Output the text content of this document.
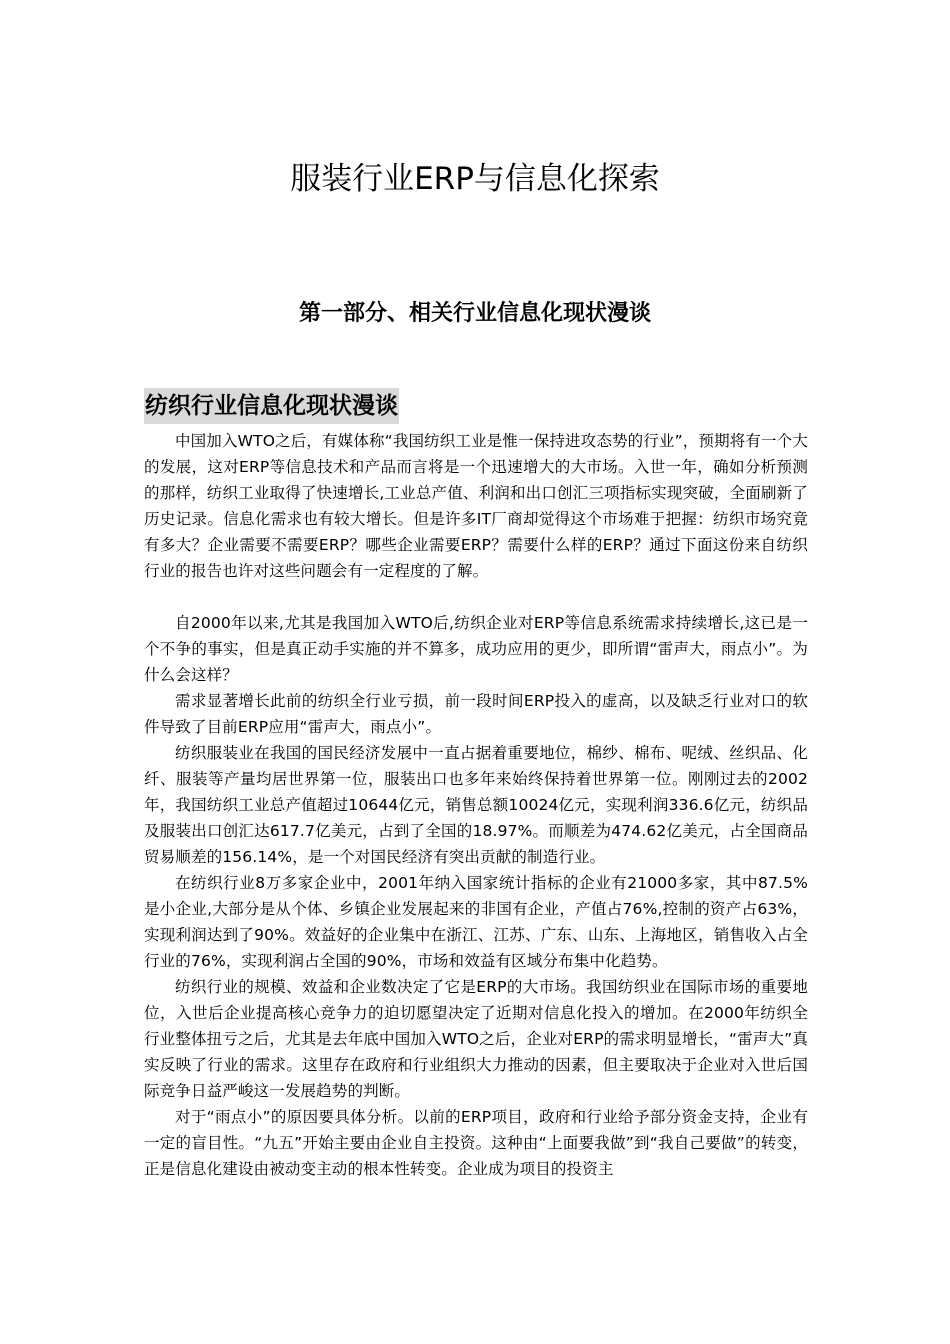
服装行业ERP与信息化探索
第一部分、相关行业信息化现状漫谈
纺织行业信息化现状漫谈

中国加入WTO之后，有媒体称“我国纺织工业是惟一保持进攻态势的行业”，预期将有一个大的发展，这对ERP等信息技术和产品而言将是一个迅速增大的大市场。入世一年，确如分析预测的那样，纺织工业取得了快速增长,工业总产值、利润和出口创汇三项指标实现突破，全面刷新了历史记录。信息化需求也有较大增长。但是许多IT厂商却觉得这个市场难于把握：纺织市场究竟有多大？企业需要不需要ERP？哪些企业需要ERP？需要什么样的ERP？通过下面这份来自纺织行业的报告也许对这些问题会有一定程度的了解。

自2000年以来,尤其是我国加入WTO后,纺织企业对ERP等信息系统需求持续增长,这已是一个不争的事实，但是真正动手实施的并不算多，成功应用的更少，即所谓“雷声大，雨点小”。为什么会这样？

需求显著增长此前的纺织全行业亏损，前一段时间ERP投入的虚高，以及缺乏行业对口的软件导致了目前ERP应用“雷声大，雨点小”。

纺织服装业在我国的国民经济发展中一直占据着重要地位，棉纱、棉布、呢绒、丝织品、化纤、服装等产量均居世界第一位，服装出口也多年来始终保持着世界第一位。刚刚过去的2002年，我国纺织工业总产值超过10644亿元，销售总额10024亿元，实现利润336.6亿元，纺织品及服装出口创汇达617.7亿美元，占到了全国的18.97%。而顺差为474.62亿美元，占全国商品贸易顺差的156.14%，是一个对国民经济有突出贡献的制造行业。

在纺织行业8万多家企业中，2001年纳入国家统计指标的企业有21000多家，其中87.5%是小企业,大部分是从个体、乡镇企业发展起来的非国有企业，产值占76%,控制的资产占63%，实现利润达到了90%。效益好的企业集中在浙江、江苏、广东、山东、上海地区，销售收入占全行业的76%，实现利润占全国的90%，市场和效益有区域分布集中化趋势。

纺织行业的规模、效益和企业数决定了它是ERP的大市场。我国纺织业在国际市场的重要地位，入世后企业提高核心竞争力的迫切愿望决定了近期对信息化投入的增加。在2000年纺织全行业整体扭亏之后，尤其是去年底中国加入WTO之后，企业对ERP的需求明显增长，“雷声大”真实反映了行业的需求。这里存在政府和行业组织大力推动的因素，但主要取决于企业对入世后国际竞争日益严峻这一发展趋势的判断。

对于“雨点小”的原因要具体分析。以前的ERP项目，政府和行业给予部分资金支持，企业有一定的盲目性。“九五”开始主要由企业自主投资。这种由“上面要我做”到“我自己要做”的转变，正是信息化建设由被动变主动的根本性转变。企业成为项目的投资主
